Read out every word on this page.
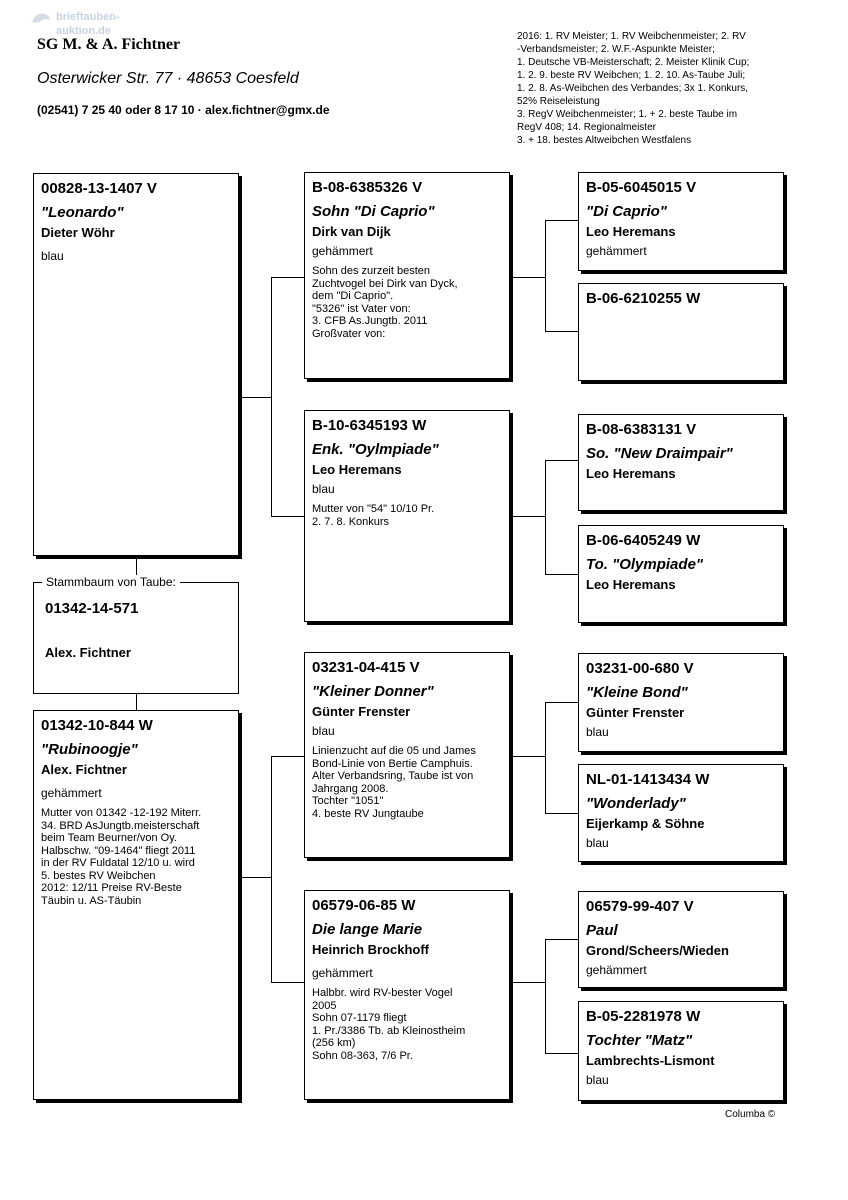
brieftauben-
auktion.de
SG M. & A. Fichtner
Osterwicker Str. 77 · 48653 Coesfeld
(02541) 7 25 40 oder 8 17 10 · alex.fichtner@gmx.de
2016: 1. RV Meister; 1. RV Weibchenmeister; 2. RV
-Verbandsmeister; 2. W.F.-Aspunkte Meister;
1. Deutsche VB-Meisterschaft; 2. Meister Klinik Cup;
1. 2. 9. beste RV Weibchen; 1. 2. 10. As-Taube Juli;
1. 2. 8. As-Weibchen des Verbandes; 3x 1. Konkurs,
52% Reiseleistung
3. RegV Weibchenmeister; 1. + 2. beste Taube im
RegV 408; 14. Regionalmeister
3. + 18. bestes Altweibchen Westfalens
00828-13-1407 V
"Leonardo"
Dieter Wöhr
blau
Stammbaum von Taube:
01342-14-571
Alex. Fichtner
01342-10-844 W
"Rubinoogje"
Alex. Fichtner
gehämmert
Mutter von 01342 -12-192 Miterr.
34. BRD AsJungtb.meisterschaft
beim Team Beurner/von Oy.
Halbschw. "09-1464" fliegt 2011
in der RV Fuldatal 12/10 u. wird
5. bestes RV Weibchen
2012: 12/11 Preise RV-Beste
Täubin u. AS-Täubin
B-08-6385326 V
Sohn "Di Caprio"
Dirk van Dijk
gehämmert
Sohn des zurzeit besten
Zuchtvogel bei Dirk van Dyck,
dem "Di Caprio".
"5326" ist Vater von:
3. CFB As.Jungtb. 2011
Großvater von:
B-10-6345193 W
Enk. "Oylmpiade"
Leo Heremans
blau
Mutter von "54" 10/10 Pr.
2. 7. 8. Konkurs
03231-04-415 V
"Kleiner Donner"
Günter Frenster
blau
Linienzucht auf die 05 und James
Bond-Linie von Bertie Camphuis.
Alter Verbandsring, Taube ist von
Jahrgang 2008.
Tochter "1051"
4. beste RV Jungtaube
06579-06-85 W
Die lange Marie
Heinrich Brockhoff
gehämmert
Halbbr. wird RV-bester Vogel
2005
Sohn 07-1179 fliegt
1. Pr./3386 Tb. ab Kleinostheim
(256 km)
Sohn 08-363, 7/6 Pr.
B-05-6045015 V
"Di Caprio"
Leo Heremans
gehämmert
B-06-6210255 W
B-08-6383131 V
So. "New Draimpair"
Leo Heremans
B-06-6405249 W
To. "Olympiade"
Leo Heremans
03231-00-680 V
"Kleine Bond"
Günter Frenster
blau
NL-01-1413434 W
"Wonderlady"
Eijerkamp & Söhne
blau
06579-99-407 V
Paul
Grond/Scheers/Wieden
gehämmert
B-05-2281978 W
Tochter "Matz"
Lambrechts-Lismont
blau
Columba ©
